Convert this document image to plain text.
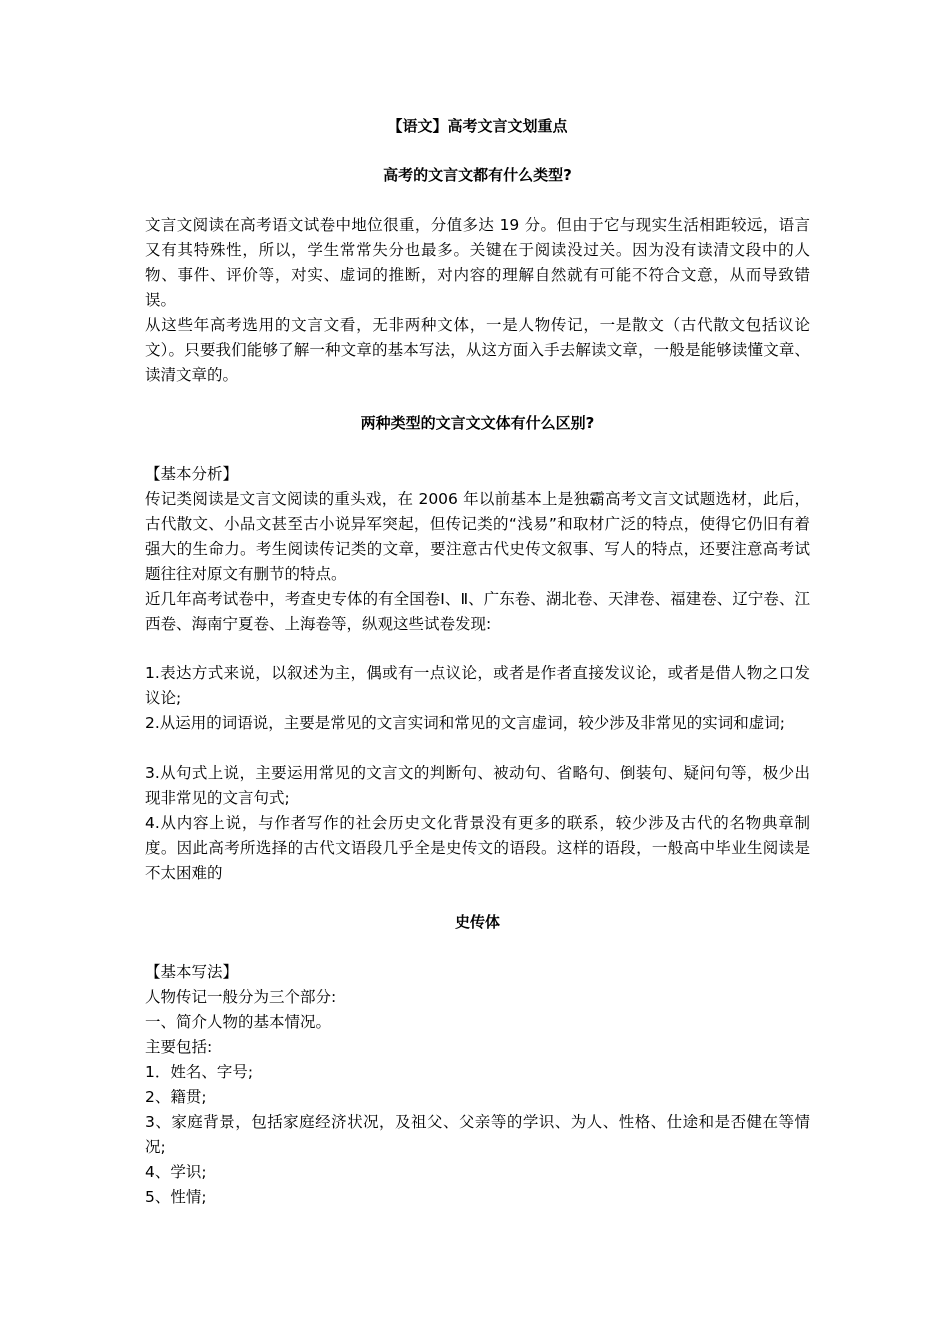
【语文】高考文言文划重点
高考的文言文都有什么类型?
文言文阅读在高考语文试卷中地位很重，分值多达 19 分。但由于它与现实生活相距较远，语言又有其特殊性，所以，学生常常失分也最多。关键在于阅读没过关。因为没有读清文段中的人物、事件、评价等，对实、虚词的推断，对内容的理解自然就有可能不符合文意，从而导致错误。
从这些年高考选用的文言文看，无非两种文体，一是人物传记，一是散文（古代散文包括议论文）。只要我们能够了解一种文章的基本写法，从这方面入手去解读文章，一般是能够读懂文章、读清文章的。
两种类型的文言文文体有什么区别?
【基本分析】
传记类阅读是文言文阅读的重头戏，在 2006 年以前基本上是独霸高考文言文试题选材，此后，古代散文、小品文甚至古小说异军突起，但传记类的“浅易”和取材广泛的特点，使得它仍旧有着强大的生命力。考生阅读传记类的文章，要注意古代史传文叙事、写人的特点，还要注意高考试题往往对原文有删节的特点。
近几年高考试卷中，考查史专体的有全国卷Ⅰ、Ⅱ、广东卷、湖北卷、天津卷、福建卷、辽宁卷、江西卷、海南宁夏卷、上海卷等，纵观这些试卷发现:
1.表达方式来说，以叙述为主，偶或有一点议论，或者是作者直接发议论，或者是借人物之口发议论;
2.从运用的词语说，主要是常见的文言实词和常见的文言虚词，较少涉及非常见的实词和虚词;
3.从句式上说，主要运用常见的文言文的判断句、被动句、省略句、倒装句、疑问句等，极少出现非常见的文言句式;
4.从内容上说，与作者写作的社会历史文化背景没有更多的联系，较少涉及古代的名物典章制度。因此高考所选择的古代文语段几乎全是史传文的语段。这样的语段，一般高中毕业生阅读是不太困难的
史传体
【基本写法】
人物传记一般分为三个部分:
一、简介人物的基本情况。
主要包括:
1．姓名、字号;
2、籍贯;
3、家庭背景，包括家庭经济状况，及祖父、父亲等的学识、为人、性格、仕途和是否健在等情况;
4、学识;
5、性情;
